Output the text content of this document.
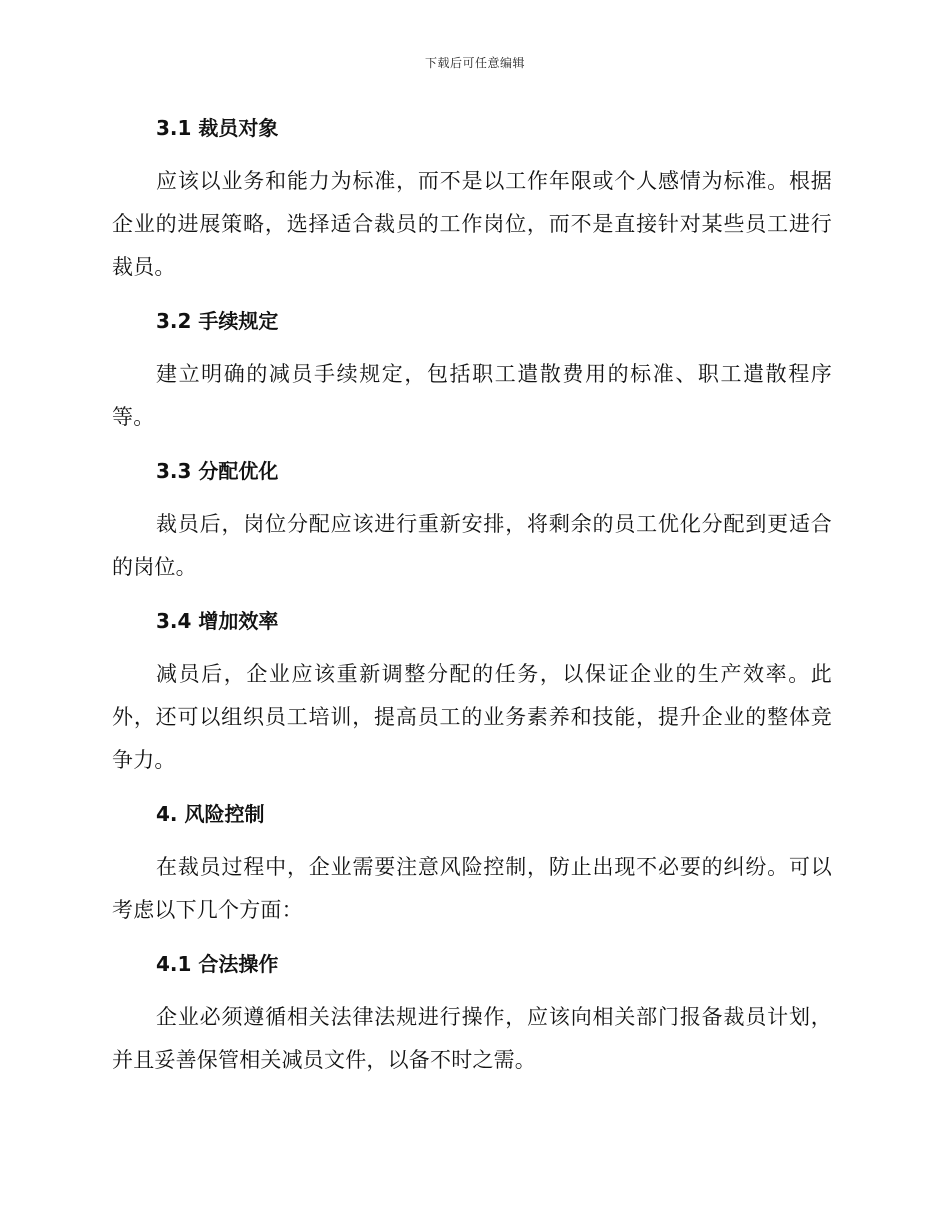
下载后可任意编辑
3.1 裁员对象

应该以业务和能力为标准，而不是以工作年限或个人感情为标准。根据企业的进展策略，选择适合裁员的工作岗位，而不是直接针对某些员工进行裁员。

3.2 手续规定

建立明确的减员手续规定，包括职工遣散费用的标准、职工遣散程序等。

3.3 分配优化

裁员后，岗位分配应该进行重新安排，将剩余的员工优化分配到更适合的岗位。

3.4 增加效率

减员后，企业应该重新调整分配的任务，以保证企业的生产效率。此外，还可以组织员工培训，提高员工的业务素养和技能，提升企业的整体竞争力。

4. 风险控制

在裁员过程中，企业需要注意风险控制，防止出现不必要的纠纷。可以考虑以下几个方面：

4.1 合法操作

企业必须遵循相关法律法规进行操作，应该向相关部门报备裁员计划，并且妥善保管相关减员文件，以备不时之需。
